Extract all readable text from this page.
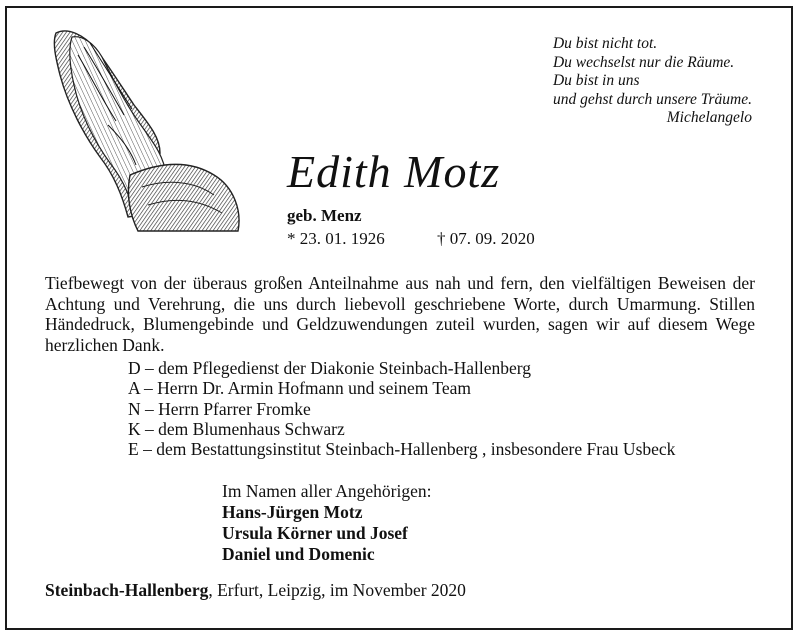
Du bist nicht tot.
Du wechselst nur die Räume.
Du bist in uns
und gehst durch unsere Träume.
Michelangelo
Edith Motz
geb. Menz
* 23. 01. 1926	† 07. 09. 2020
Tiefbewegt von der überaus großen Anteilnahme aus nah und fern, den vielfältigen Beweisen der Achtung und Verehrung, die uns durch liebevoll geschriebene Worte, durch Umarmung. Stillen Händedruck, Blumengebinde und Geldzuwendungen zuteil wurden, sagen wir auf diesem Wege herzlichen Dank.
D – dem Pflegedienst der Diakonie Steinbach-Hallenberg
A – Herrn Dr. Armin Hofmann und seinem Team
N – Herrn Pfarrer Fromke
K – dem Blumenhaus Schwarz
E – dem Bestattungsinstitut Steinbach-Hallenberg , insbesondere Frau Usbeck
Im Namen aller Angehörigen:
Hans-Jürgen Motz
Ursula Körner und Josef
Daniel und Domenic
Steinbach-Hallenberg, Erfurt, Leipzig, im November 2020
